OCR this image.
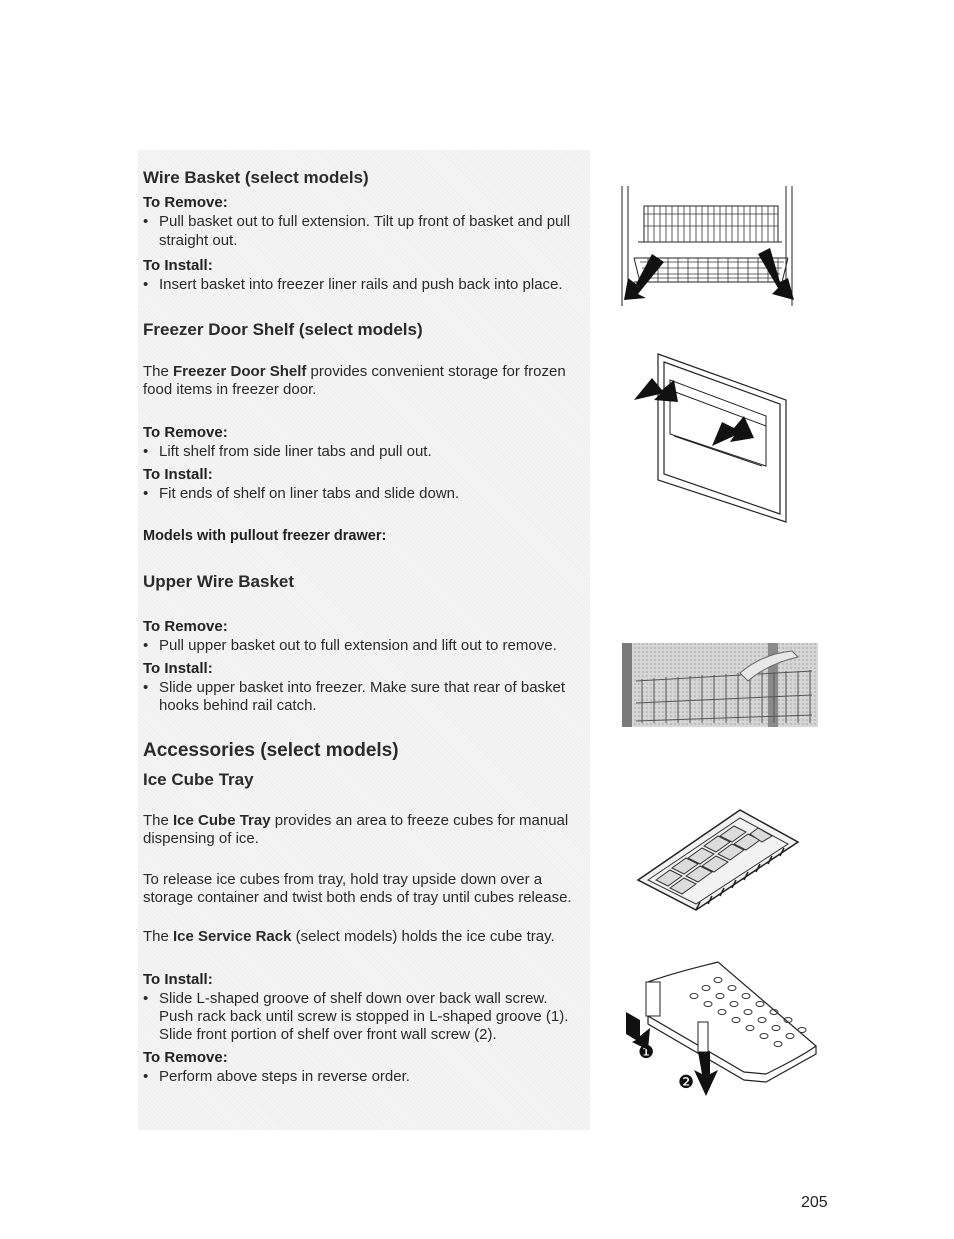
Wire Basket (select models)
To Remove:
• Pull basket out to full extension. Tilt up front of basket and pull
straight out.
To Install:
• Insert basket into freezer liner rails and push back into place.
Freezer Door Shelf (select models)
The Freezer Door Shelf provides convenient storage for frozen
food items in freezer door.
To Remove:
• Lift shelf from side liner tabs and pull out.
To Install:
• Fit ends of shelf on liner tabs and slide down.
Models with pullout freezer drawer:
Upper Wire Basket
To Remove:
• Pull upper basket out to full extension and lift out to remove.
To Install:
• Slide upper basket into freezer. Make sure that rear of basket
hooks behind rail catch.
Accessories (select models)
Ice Cube Tray
The Ice Cube Tray provides an area to freeze cubes for manual
dispensing of ice.
To release ice cubes from tray, hold tray upside down over a
storage container and twist both ends of tray until cubes release.
The Ice Service Rack (select models) holds the ice cube tray.
To Install:
• Slide L-shaped groove of shelf down over back wall screw.
Push rack back until screw is stopped in L-shaped groove (1).
Slide front portion of shelf over front wall screw (2).
To Remove:
• Perform above steps in reverse order.
❶
❷
205
